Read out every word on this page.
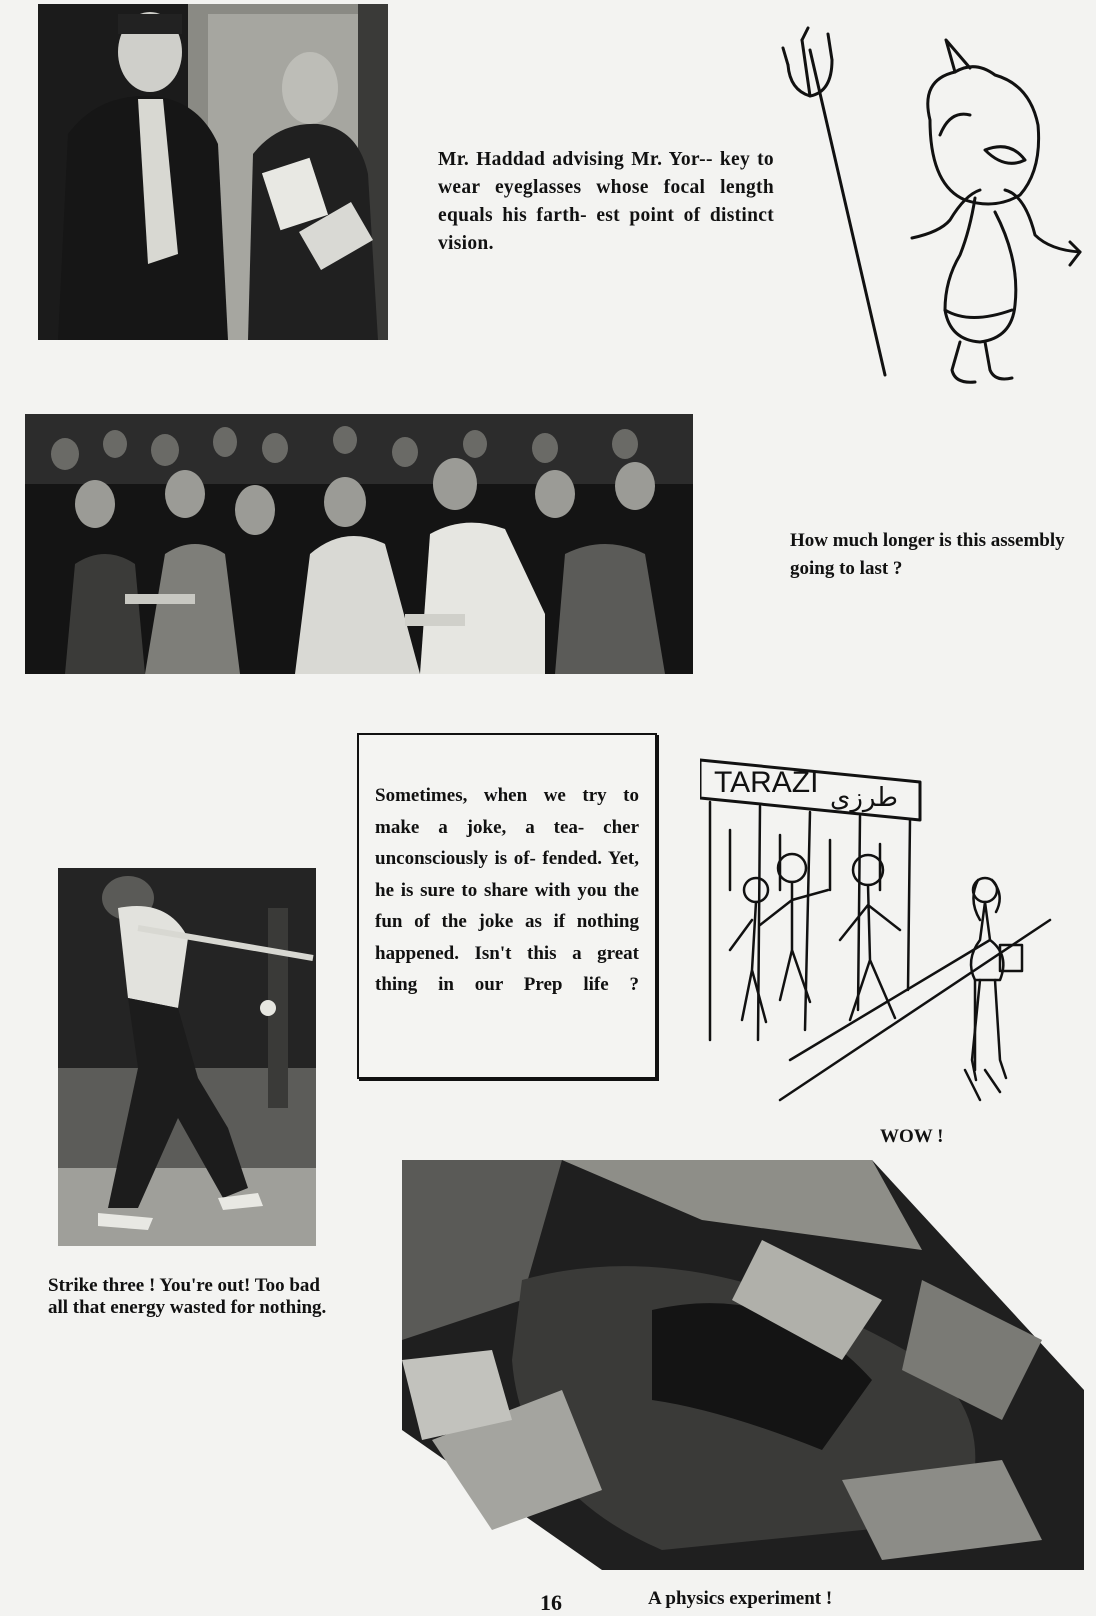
Mr. Haddad advising Mr. Yor-- key to wear eyeglasses whose focal length equals his farth- est point of distinct vision.

How much longer is this assembly going to last ?

Sometimes, when we try to make a joke, a tea- cher unconsciously is of- fended. Yet, he is sure to share with you the fun of the joke as if nothing happened. Isn't this a great thing in our Prep life ?

TARAZI طرزي

WOW !

Strike three ! You're out! Too bad all that energy wasted for nothing.

A physics experiment !

16
